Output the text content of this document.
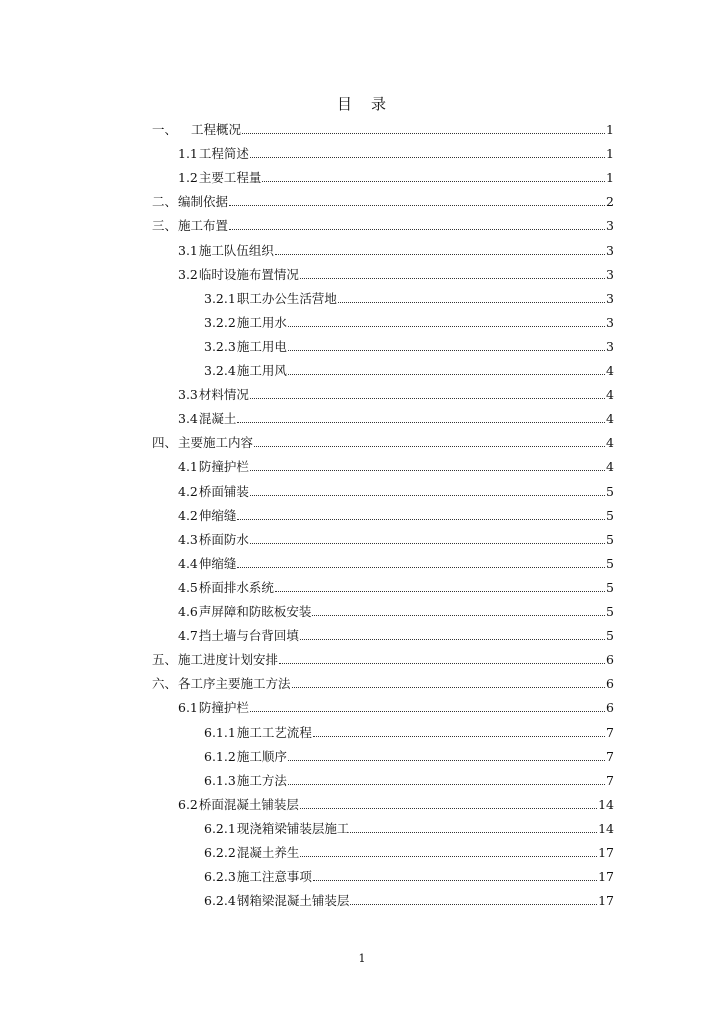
目 录
一、 工程概况	1
1.1工程简述	1
1.2主要工程量	1
二、编制依据	2
三、施工布置	3
3.1施工队伍组织	3
3.2临时设施布置情况	3
3.2.1职工办公生活营地	3
3.2.2施工用水	3
3.2.3施工用电	3
3.2.4施工用风	4
3.3材料情况	4
3.4混凝土	4
四、主要施工内容	4
4.1防撞护栏	4
4.2桥面铺装	5
4.2伸缩缝	5
4.3桥面防水	5
4.4伸缩缝	5
4.5桥面排水系统	5
4.6声屏障和防眩板安装	5
4.7挡土墙与台背回填	5
五、施工进度计划安排	6
六、各工序主要施工方法	6
6.1防撞护栏	6
6.1.1施工工艺流程	7
6.1.2施工顺序	7
6.1.3施工方法	7
6.2桥面混凝土铺装层	14
6.2.1现浇箱梁铺装层施工	14
6.2.2混凝土养生	17
6.2.3施工注意事项	17
6.2.4钢箱梁混凝土铺装层	17
1
